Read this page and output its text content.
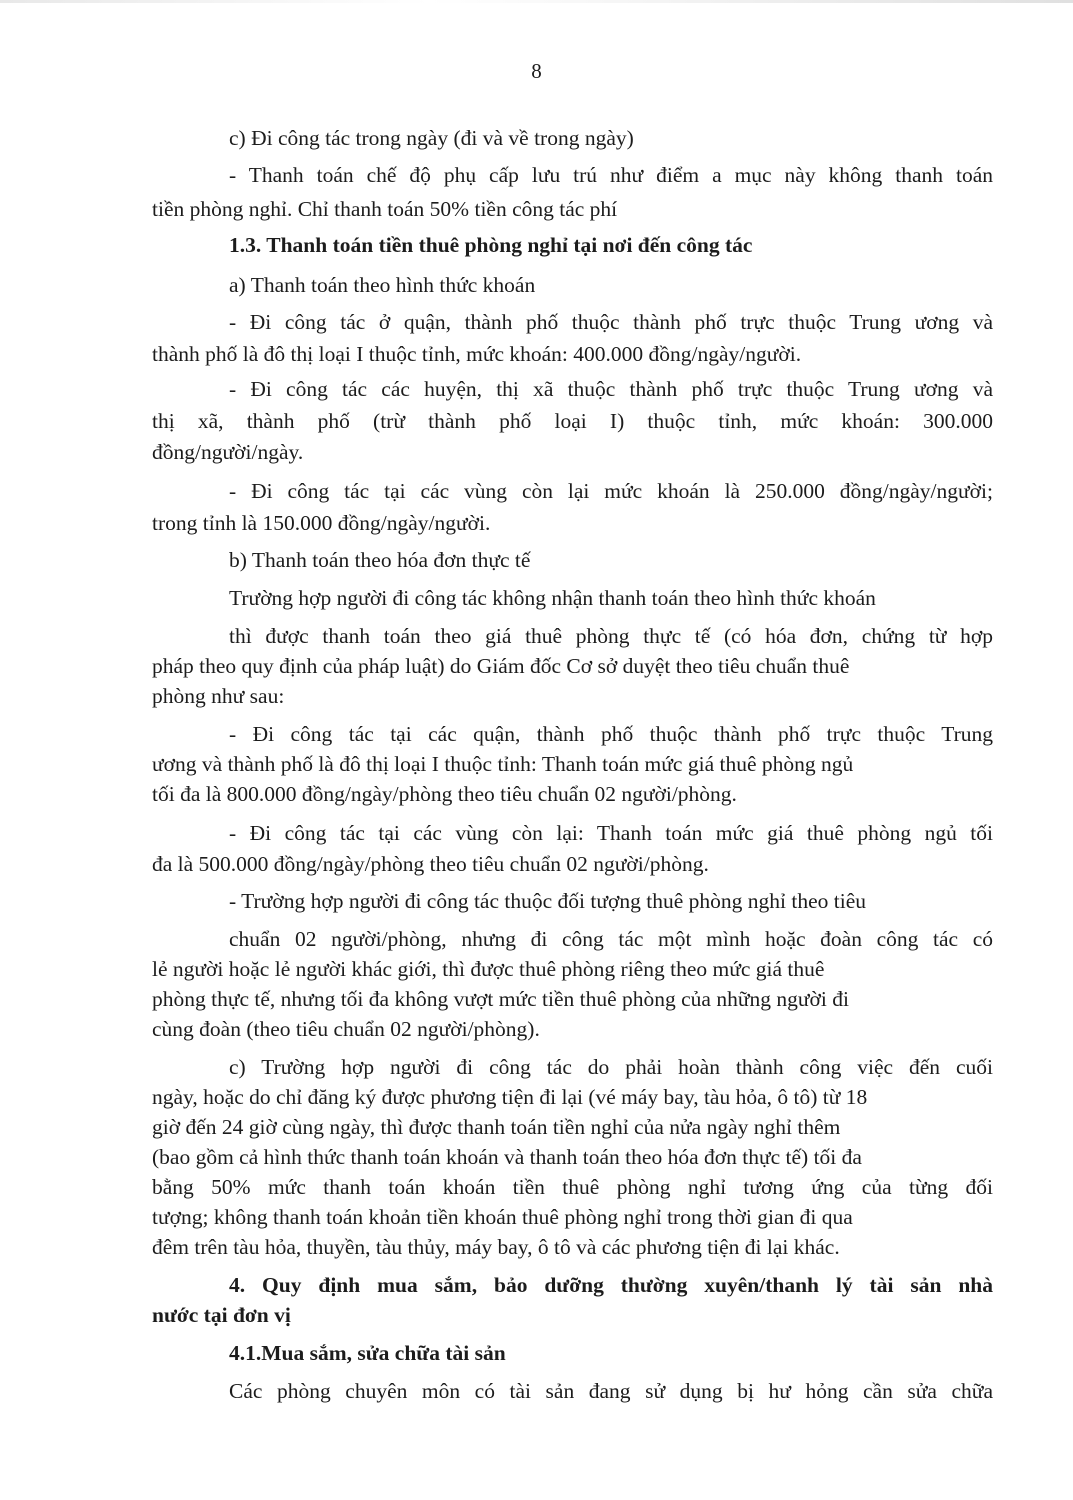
8
c) Đi công tác trong ngày (đi và về trong ngày)
- Thanh toán chế độ phụ cấp lưu trú như điểm a mục này không thanh toán
tiền phòng nghỉ. Chỉ thanh toán 50% tiền công tác phí
1.3. Thanh toán tiền thuê phòng nghỉ tại nơi đến công tác
a) Thanh toán theo hình thức khoán
- Đi công tác ở quận, thành phố thuộc thành phố trực thuộc Trung ương và
thành phố là đô thị loại I thuộc tỉnh, mức khoán: 400.000 đồng/ngày/người.
- Đi công tác các huyện, thị xã thuộc thành phố trực thuộc Trung ương và
thị xã, thành phố (trừ thành phố loại I) thuộc tỉnh, mức khoán: 300.000
đồng/người/ngày.
- Đi công tác tại các vùng còn lại mức khoán là 250.000 đồng/ngày/người;
trong tỉnh là 150.000 đồng/ngày/người.
b) Thanh toán theo hóa đơn thực tế
Trường hợp người đi công tác không nhận thanh toán theo hình thức khoán
thì được thanh toán theo giá thuê phòng thực tế (có hóa đơn, chứng từ hợp
pháp theo quy định của pháp luật) do Giám đốc Cơ sở duyệt theo tiêu chuẩn thuê
phòng như sau:
- Đi công tác tại các quận, thành phố thuộc thành phố trực thuộc Trung
ương và thành phố là đô thị loại I thuộc tỉnh: Thanh toán mức giá thuê phòng ngủ
tối đa là 800.000 đồng/ngày/phòng theo tiêu chuẩn 02 người/phòng.
- Đi công tác tại các vùng còn lại: Thanh toán mức giá thuê phòng ngủ tối
đa là 500.000 đồng/ngày/phòng theo tiêu chuẩn 02 người/phòng.
- Trường hợp người đi công tác thuộc đối tượng thuê phòng nghỉ theo tiêu
chuẩn 02 người/phòng, nhưng đi công tác một mình hoặc đoàn công tác có
lẻ người hoặc lẻ người khác giới, thì được thuê phòng riêng theo mức giá thuê
phòng thực tế, nhưng tối đa không vượt mức tiền thuê phòng của những người đi
cùng đoàn (theo tiêu chuẩn 02 người/phòng).
c) Trường hợp người đi công tác do phải hoàn thành công việc đến cuối
ngày, hoặc do chỉ đăng ký được phương tiện đi lại (vé máy bay, tàu hỏa, ô tô) từ 18
giờ đến 24 giờ cùng ngày, thì được thanh toán tiền nghỉ của nửa ngày nghỉ thêm
(bao gồm cả hình thức thanh toán khoán và thanh toán theo hóa đơn thực tế) tối đa
bằng 50% mức thanh toán khoán tiền thuê phòng nghỉ tương ứng của từng đối
tượng; không thanh toán khoản tiền khoán thuê phòng nghỉ trong thời gian đi qua
đêm trên tàu hỏa, thuyền, tàu thủy, máy bay, ô tô và các phương tiện đi lại khác.
4. Quy định mua sắm, bảo dưỡng thường xuyên/thanh lý tài sản nhà
nước tại đơn vị
4.1.Mua sắm, sửa chữa tài sản
Các phòng chuyên môn có tài sản đang sử dụng bị hư hỏng cần sửa chữa
